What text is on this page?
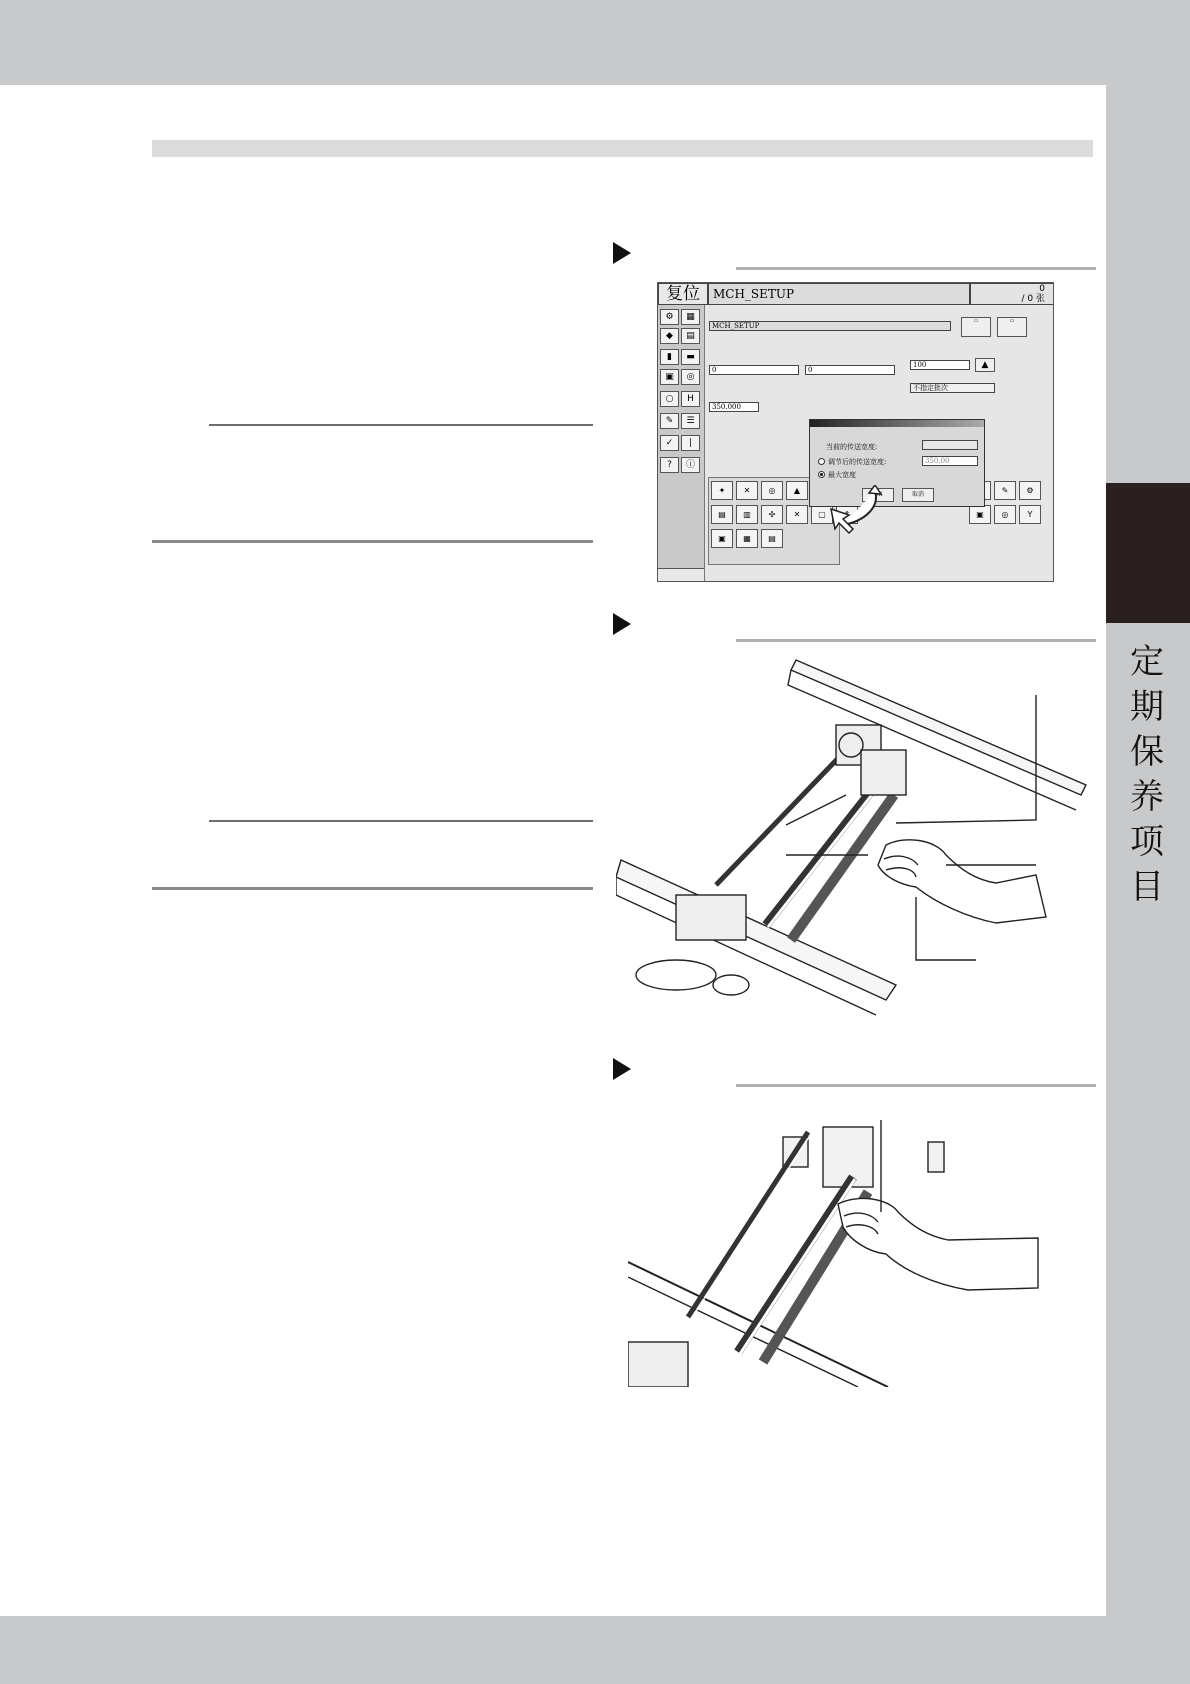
定
期
保
养
项
目
复位	MCH_SETUP	0
/ 0 张
⚙	▦
◆	▤
▮	▬
▣	◎
○	H
✎	☰
✓	|
?	ⓘ
MCH_SETUP
▭	▭
0	0
100	▲
不指定批次
350.000
✦	✕	◎	▲
▤	▥	✣	✕	▢
▣	▦	▤
✎	⚙
▣	◎	Y
当前的传送宽度:
调节后的传送宽度:	350.00
最大宽度
取消
